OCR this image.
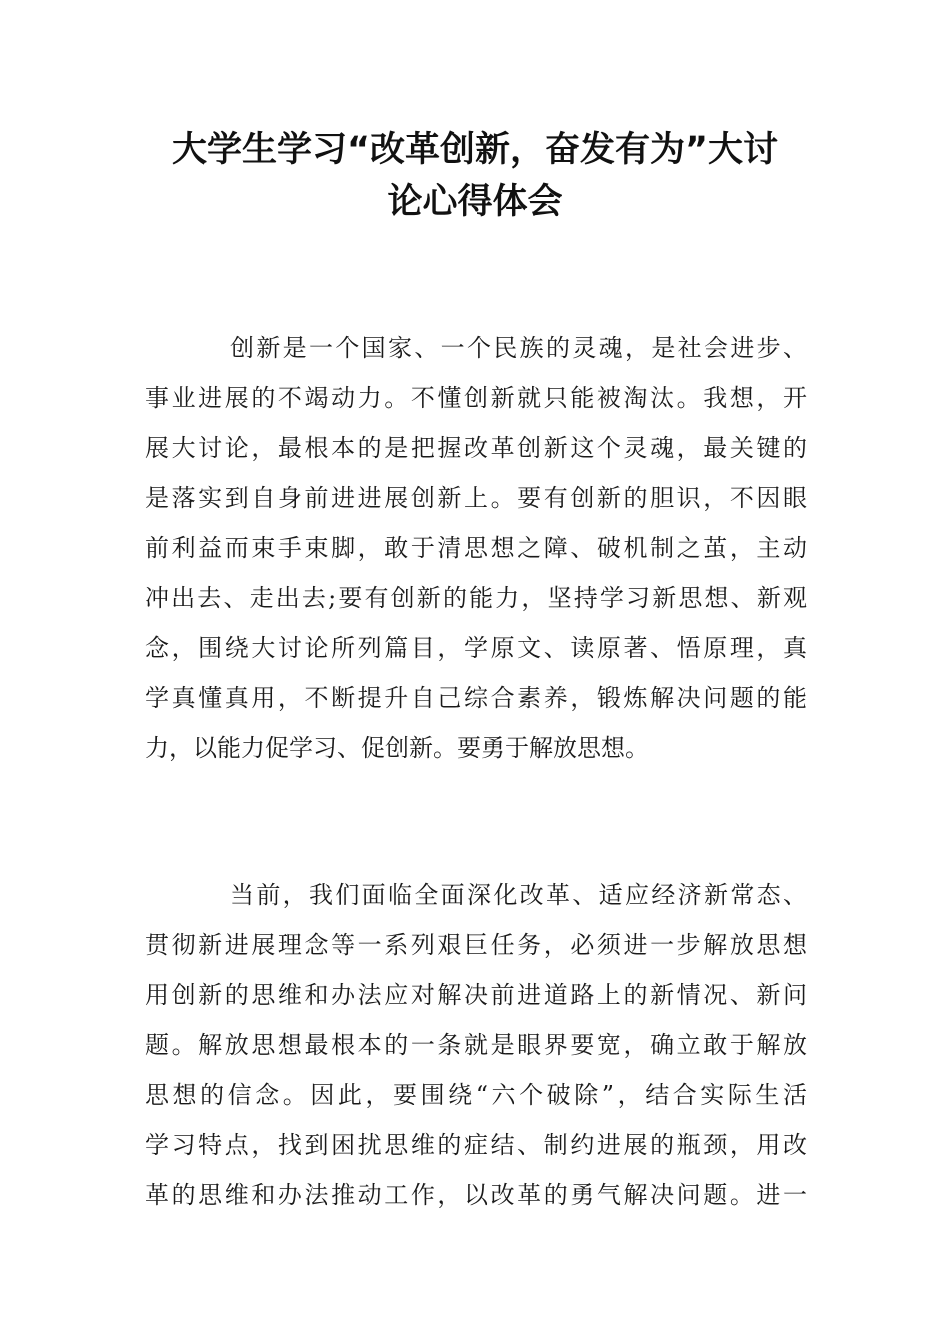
大学生学习“改革创新，奋发有为”大讨
论心得体会
创新是一个国家、一个民族的灵魂，是社会进步、
事业进展的不竭动力。不懂创新就只能被淘汰。我想，开
展大讨论，最根本的是把握改革创新这个灵魂，最关键的
是落实到自身前进进展创新上。要有创新的胆识，不因眼
前利益而束手束脚，敢于清思想之障、破机制之茧，主动
冲出去、走出去;要有创新的能力，坚持学习新思想、新观
念，围绕大讨论所列篇目，学原文、读原著、悟原理，真
学真懂真用，不断提升自己综合素养，锻炼解决问题的能
力，以能力促学习、促创新。要勇于解放思想。
当前，我们面临全面深化改革、适应经济新常态、
贯彻新进展理念等一系列艰巨任务，必须进一步解放思想
用创新的思维和办法应对解决前进道路上的新情况、新问
题。解放思想最根本的一条就是眼界要宽，确立敢于解放
思想的信念。因此，要围绕“六个破除”，结合实际生活
学习特点，找到困扰思维的症结、制约进展的瓶颈，用改
革的思维和办法推动工作，以改革的勇气解决问题。进一
